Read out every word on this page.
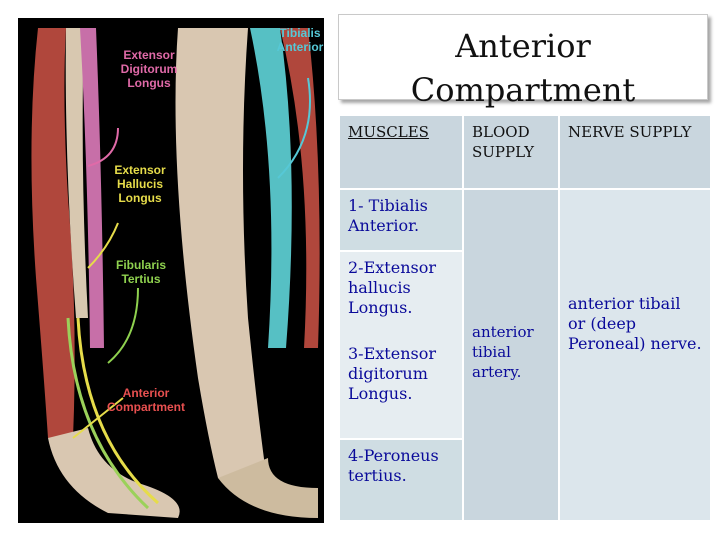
Extensor Digitorum Longus
Tibialis Anterior
Extensor Hallucis Longus
Fibularis Tertius
Anterior Compartment
Anterior
Compartment
MUSCLES	BLOOD SUPPLY
NERVE SUPPLY
1- Tibialis Anterior.
2-Extensor hallucis Longus.
3-Extensor digitorum Longus.
4-Peroneus tertius.
anterior tibial artery.
anterior tibail or (deep Peroneal) nerve.
